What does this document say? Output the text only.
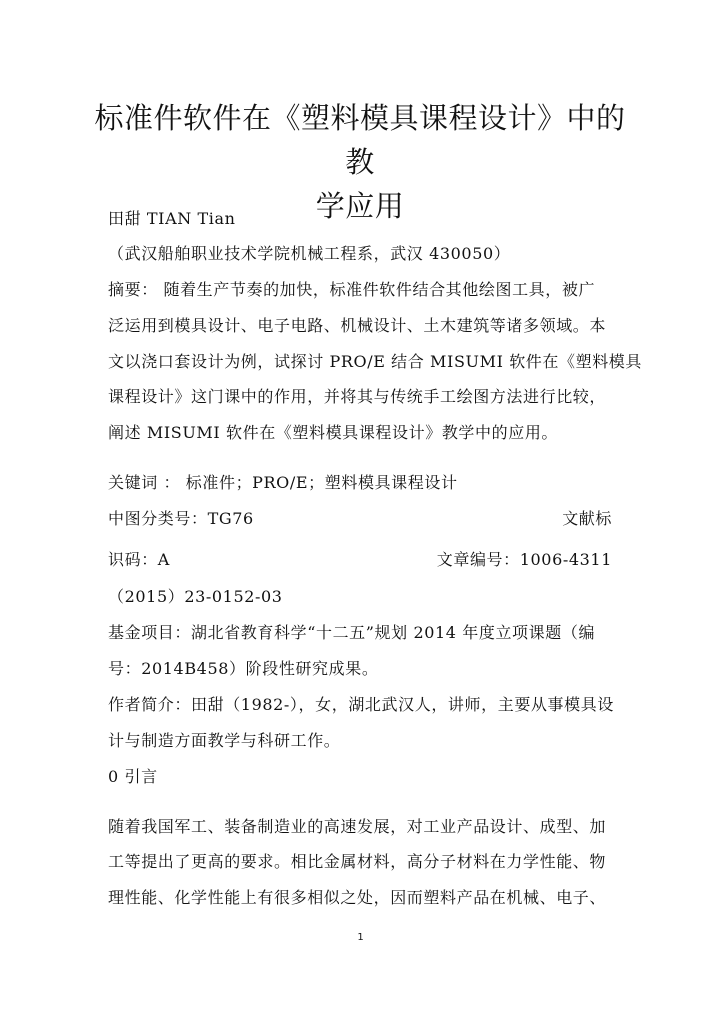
标准件软件在《塑料模具课程设计》中的教
学应用
田甜 TIAN Tian
（武汉船舶职业技术学院机械工程系，武汉 430050）
摘要： 随着生产节奏的加快，标准件软件结合其他绘图工具，被广
泛运用到模具设计、电子电路、机械设计、土木建筑等诸多领域。本
文以浇口套设计为例，试探讨 PRO/E 结合 MISUMI 软件在《塑料模具
课程设计》这门课中的作用，并将其与传统手工绘图方法进行比较，
阐述 MISUMI 软件在《塑料模具课程设计》教学中的应用。
关键词 ： 标准件；PRO/E；塑料模具课程设计
中图分类号：TG76	文献标
识码：A	文章编号：1006-4311
（2015）23-0152-03
基金项目：湖北省教育科学“十二五”规划 2014 年度立项课题（编
号：2014B458）阶段性研究成果。
作者简介：田甜（1982-），女，湖北武汉人，讲师，主要从事模具设
计与制造方面教学与科研工作。
0 引言
随着我国军工、装备制造业的高速发展，对工业产品设计、成型、加
工等提出了更高的要求。相比金属材料，高分子材料在力学性能、物
理性能、化学性能上有很多相似之处，因而塑料产品在机械、电子、
1
